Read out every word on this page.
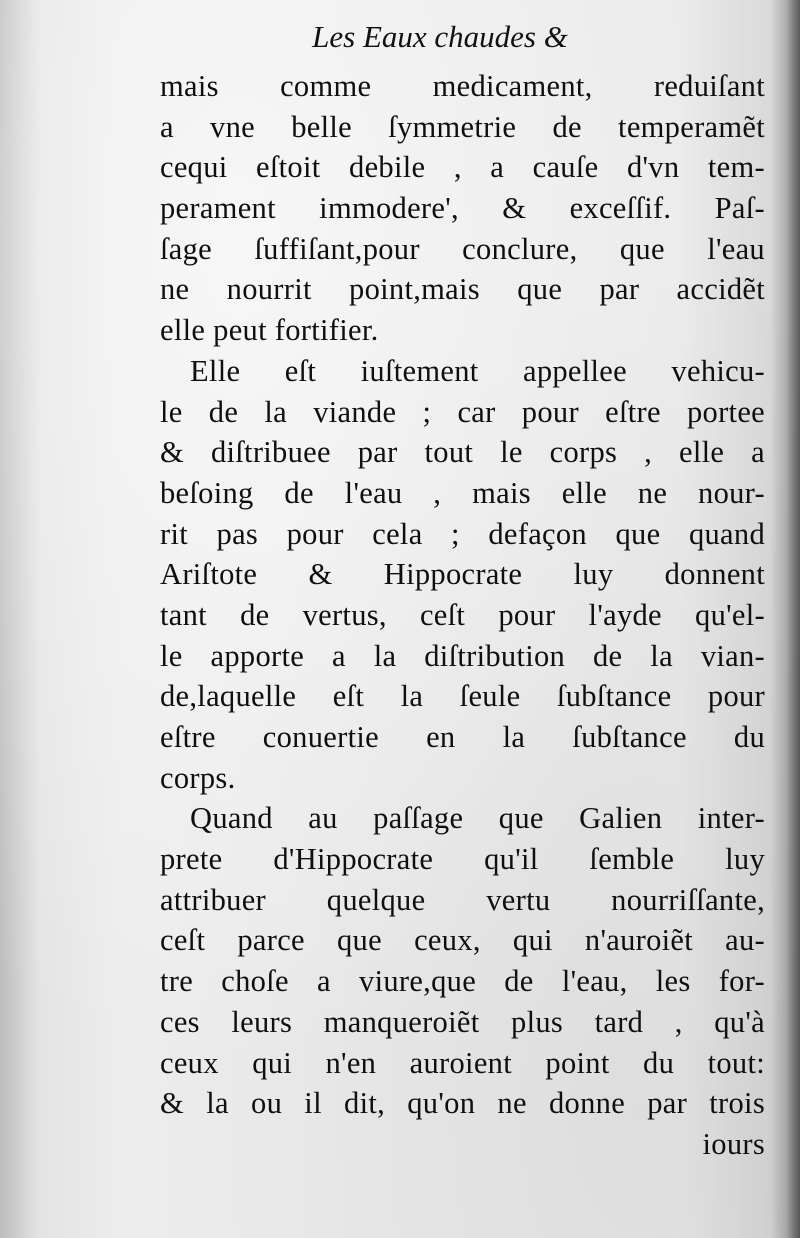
Les Eaux chaudes &
mais comme medicament, reduiſant
a vne belle ſymmetrie de temperamẽt
cequi eſtoit debile , a cauſe d'vn tem-
perament immodere', & exceſſif. Paſ-
ſage ſuffiſant,pour conclure, que l'eau
ne nourrit point,mais que par accidẽt
elle peut fortifier.
Elle eſt iuſtement appellee vehicu-
le de la viande ; car pour eſtre portee
& diſtribuee par tout le corps , elle a
beſoing de l'eau , mais elle ne nour-
rit pas pour cela ; defaçon que quand
Ariſtote & Hippocrate luy donnent
tant de vertus, ceſt pour l'ayde qu'el-
le apporte a la diſtribution de la vian-
de,laquelle eſt la ſeule ſubſtance pour
eſtre conuertie en la ſubſtance du
corps.
Quand au paſſage que Galien inter-
prete d'Hippocrate qu'il ſemble luy
attribuer quelque vertu nourriſſante,
ceſt parce que ceux, qui n'auroiẽt au-
tre choſe a viure,que de l'eau, les for-
ces leurs manqueroiẽt plus tard , qu'à
ceux qui n'en auroient point du tout:
& la ou il dit, qu'on ne donne par trois
iours
